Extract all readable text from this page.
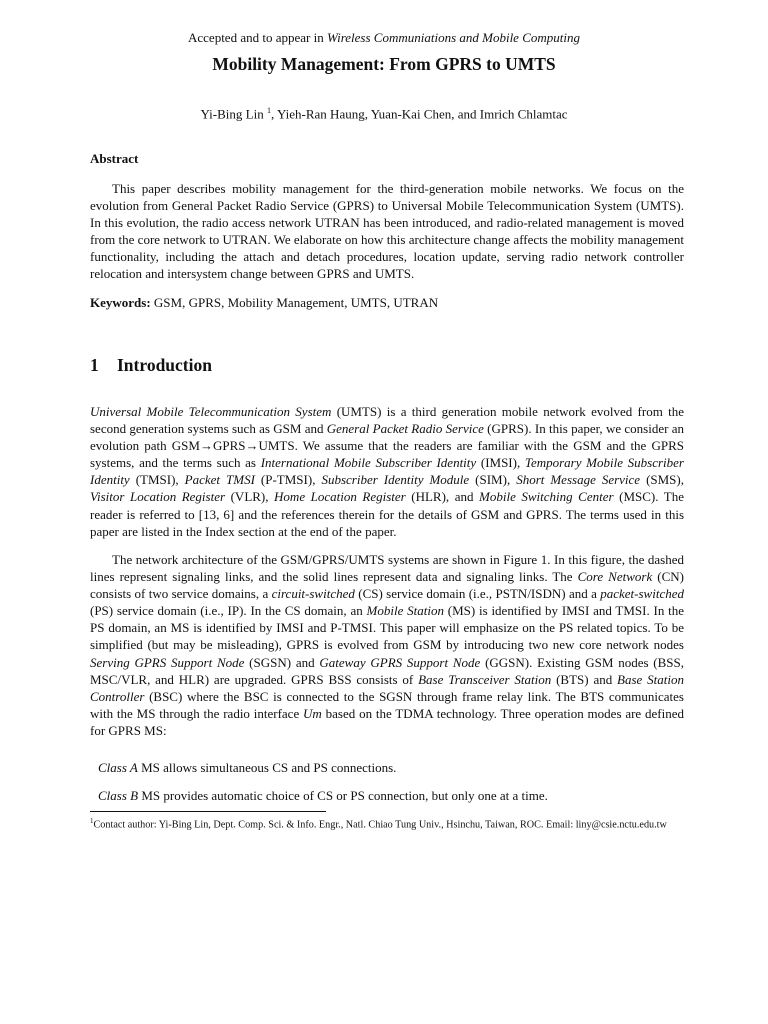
Accepted and to appear in Wireless Communiations and Mobile Computing
Mobility Management: From GPRS to UMTS
Yi-Bing Lin $^1$, Yieh-Ran Haung, Yuan-Kai Chen, and Imrich Chlamtac
Abstract

This paper describes mobility management for the third-generation mobile networks. We focus on the evolution from General Packet Radio Service (GPRS) to Universal Mobile Telecommunication System (UMTS). In this evolution, the radio access network UTRAN has been introduced, and radio-related management is moved from the core network to UTRAN. We elaborate on how this architecture change affects the mobility management functionality, including the attach and detach procedures, location update, serving radio network controller relocation and intersystem change between GPRS and UMTS.

Keywords: GSM, GPRS, Mobility Management, UMTS, UTRAN

1 Introduction

Universal Mobile Telecommunication System (UMTS) is a third generation mobile network evolved from the second generation systems such as GSM and General Packet Radio Service (GPRS). In this paper, we consider an evolution path GSM→GPRS→UMTS. We assume that the readers are familiar with the GSM and the GPRS systems, and the terms such as International Mobile Subscriber Identity (IMSI), Temporary Mobile Subscriber Identity (TMSI), Packet TMSI (P-TMSI), Subscriber Identity Module (SIM), Short Message Service (SMS), Visitor Location Register (VLR), Home Location Register (HLR), and Mobile Switching Center (MSC). The reader is referred to [13, 6] and the references therein for the details of GSM and GPRS. The terms used in this paper are listed in the Index section at the end of the paper.

The network architecture of the GSM/GPRS/UMTS systems are shown in Figure 1. In this figure, the dashed lines represent signaling links, and the solid lines represent data and signaling links. The Core Network (CN) consists of two service domains, a circuit-switched (CS) service domain (i.e., PSTN/ISDN) and a packet-switched (PS) service domain (i.e., IP). In the CS domain, an Mobile Station (MS) is identified by IMSI and TMSI. In the PS domain, an MS is identified by IMSI and P-TMSI. This paper will emphasize on the PS related topics. To be simplified (but may be misleading), GPRS is evolved from GSM by introducing two new core network nodes Serving GPRS Support Node (SGSN) and Gateway GPRS Support Node (GGSN). Existing GSM nodes (BSS, MSC/VLR, and HLR) are upgraded. GPRS BSS consists of Base Transceiver Station (BTS) and Base Station Controller (BSC) where the BSC is connected to the SGSN through frame relay link. The BTS communicates with the MS through the radio interface Um based on the TDMA technology. Three operation modes are defined for GPRS MS:

Class A MS allows simultaneous CS and PS connections.
Class B MS provides automatic choice of CS or PS connection, but only one at a time.
$^1$Contact author: Yi-Bing Lin, Dept. Comp. Sci. & Info. Engr., Natl. Chiao Tung Univ., Hsinchu, Taiwan, ROC. Email: liny@csie.nctu.edu.tw
